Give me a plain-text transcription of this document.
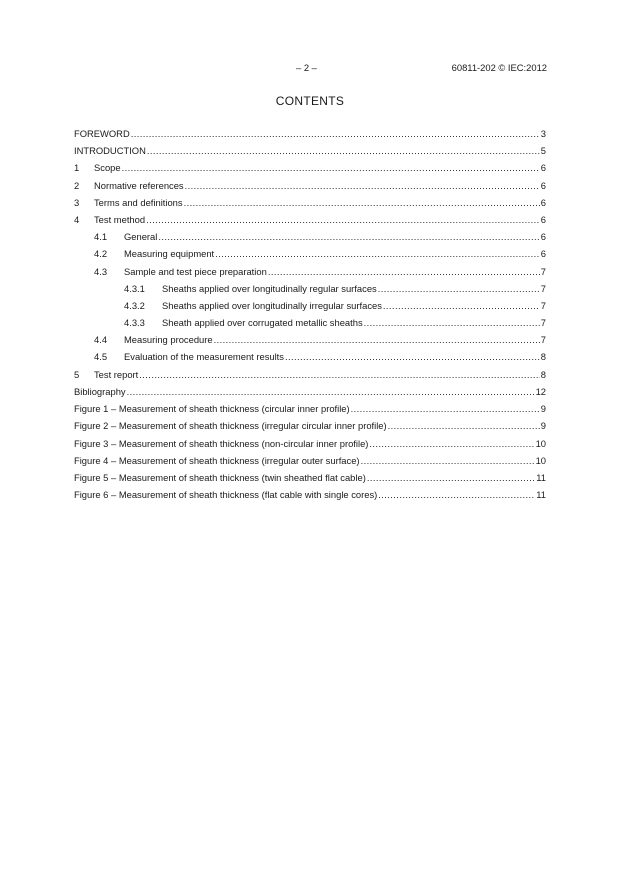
– 2 –	60811-202 © IEC:2012
CONTENTS
FOREWORD .....	3
INTRODUCTION .....	5
1	Scope .....	6
2	Normative references .....	6
3	Terms and definitions .....	6
4	Test method .....	6
4.1	General .....	6
4.2	Measuring equipment .....	6
4.3	Sample and test piece preparation .....	7
4.3.1	Sheaths applied over longitudinally regular surfaces .....	7
4.3.2	Sheaths applied over longitudinally irregular surfaces .....	7
4.3.3	Sheath applied over corrugated metallic sheaths .....	7
4.4	Measuring procedure .....	7
4.5	Evaluation of the measurement results .....	8
5	Test report .....	8
Bibliography .....	12
Figure 1 – Measurement of sheath thickness (circular inner profile) .....	9
Figure 2 – Measurement of sheath thickness (irregular circular inner profile) .....	9
Figure 3 – Measurement of sheath thickness (non-circular inner profile) .....	10
Figure 4 – Measurement of sheath thickness (irregular outer surface) .....	10
Figure 5 – Measurement of sheath thickness (twin sheathed flat cable) .....	11
Figure 6 – Measurement of sheath thickness (flat cable with single cores) .....	11
